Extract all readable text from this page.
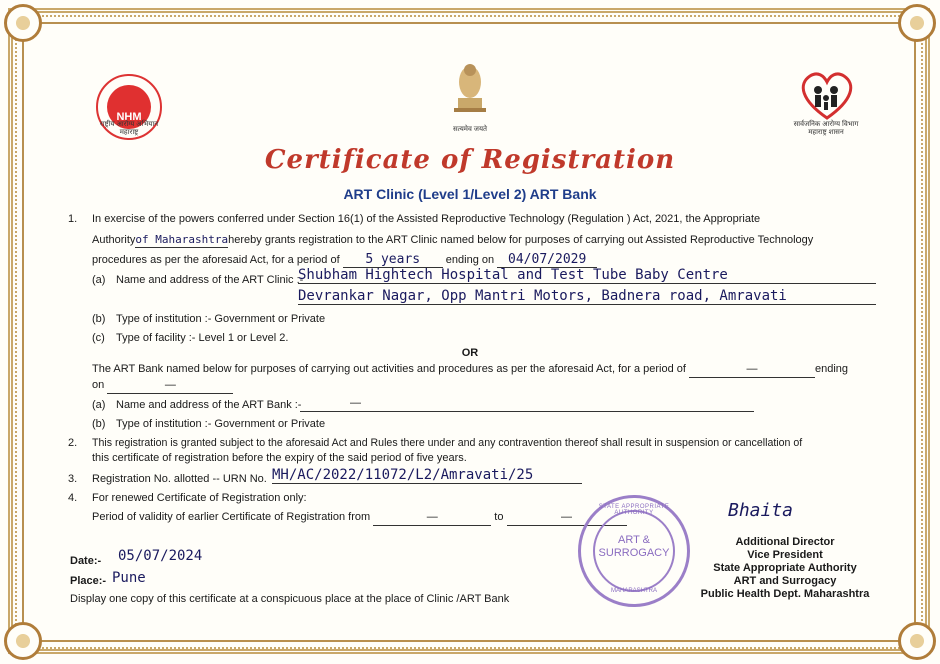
NHM
राष्ट्रीय आरोग्य अभियान
महाराष्ट्र	सत्यमेव जयते
सार्वजनिक आरोग्य विभाग
महाराष्ट्र शासन
Certificate of Registration
ART Clinic (Level 1/Level 2) ART Bank
1. In exercise of the powers conferred under Section 16(1) of the Assisted Reproductive Technology (Regulation ) Act, 2021, the Appropriate
Authorityof Maharashtrahereby grants registration to the ART Clinic named below for purposes of carrying out Assisted Reproductive Technology
procedures as per the aforesaid Act, for a period of 5 years ending on 04/07/2029
(a) Name and address of the ART Clinic :-
Shubham Hightech Hospital and Test Tube Baby Centre
Devrankar Nagar, Opp Mantri Motors, Badnera road, Amravati
(b) Type of institution :- Government or Private
(c) Type of facility :- Level 1 or Level 2.
OR
The ART Bank named below for purposes of carrying out activities and procedures as per the aforesaid Act, for a period of	—	ending
on	—
(a) Name and address of the ART Bank :-	—
(b) Type of institution :- Government or Private
2. This registration is granted subject to the aforesaid Act and Rules there under and any contravention thereof shall result in suspension or cancellation of
this certificate of registration before the expiry of the said period of five years.
3. Registration No. allotted -- URN No. MH/AC/2022/11072/L2/Amravati/25
4. For renewed Certificate of Registration only:
Period of validity of earlier Certificate of Registration from	—	to	—
Date:- 05/07/2024
Place:- Pune
Display one copy of this certificate at a conspicuous place at the place of Clinic /ART Bank
STATE APPROPRIATE AUTHORITY
ART &
SURROGACY
MAHARASHTRA
Bhaita
Additional Director
Vice President
State Appropriate Authority
ART and Surrogacy
Public Health Dept. Maharashtra
